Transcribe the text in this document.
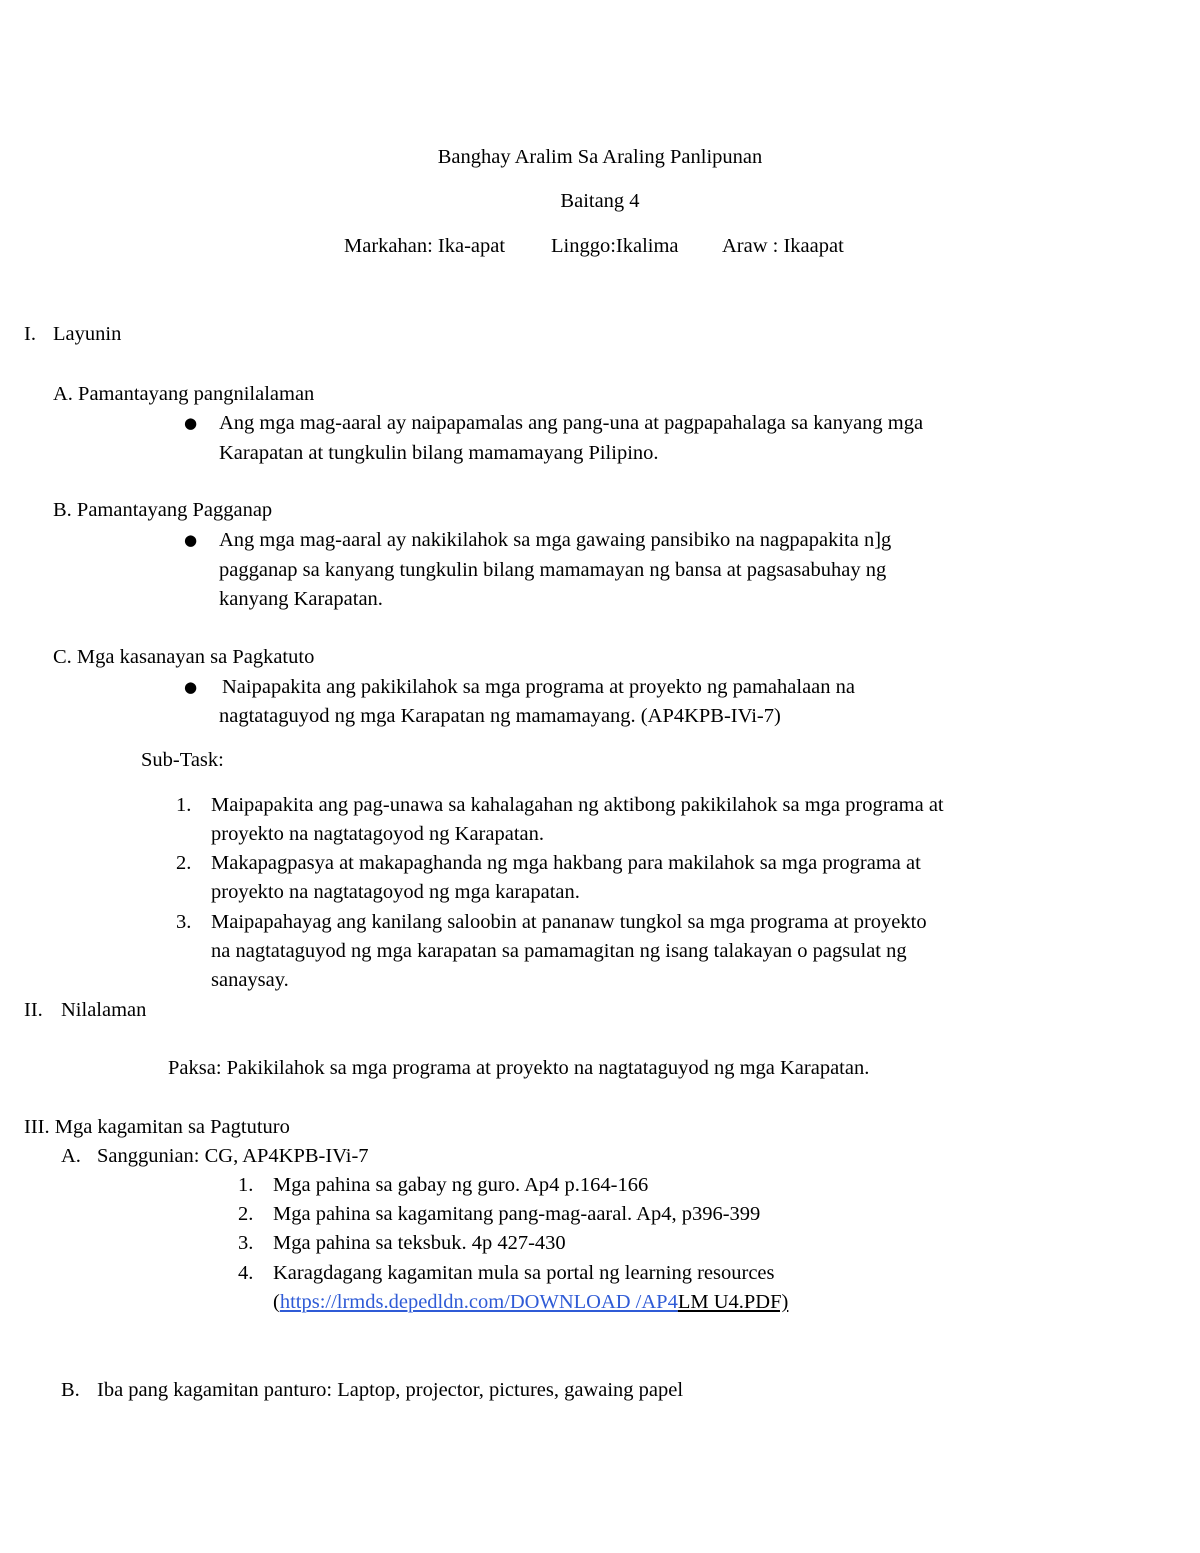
Banghay Aralim Sa Araling Panlipunan
Baitang 4
Markahan: Ika-apat Linggo:Ikalima Araw : Ikaapat
I. Layunin
A. Pamantayang pangnilalaman
● Ang mga mag-aaral ay naipapamalas ang pang-una at pagpapahalaga sa kanyang mga
Karapatan at tungkulin bilang mamamayang Pilipino.
B. Pamantayang Pagganap
● Ang mga mag-aaral ay nakikilahok sa mga gawaing pansibiko na nagpapakita n]g
pagganap sa kanyang tungkulin bilang mamamayan ng bansa at pagsasabuhay ng
kanyang Karapatan.
C. Mga kasanayan sa Pagkatuto
● Naipapakita ang pakikilahok sa mga programa at proyekto ng pamahalaan na
nagtataguyod ng mga Karapatan ng mamamayang. (AP4KPB-IVi-7)
Sub-Task:
1. Maipapakita ang pag-unawa sa kahalagahan ng aktibong pakikilahok sa mga programa at
proyekto na nagtatagoyod ng Karapatan.
2. Makapagpasya at makapaghanda ng mga hakbang para makilahok sa mga programa at
proyekto na nagtatagoyod ng mga karapatan.
3. Maipapahayag ang kanilang saloobin at pananaw tungkol sa mga programa at proyekto
na nagtataguyod ng mga karapatan sa pamamagitan ng isang talakayan o pagsulat ng
sanaysay.
II. Nilalaman
Paksa: Pakikilahok sa mga programa at proyekto na nagtataguyod ng mga Karapatan.
III. Mga kagamitan sa Pagtuturo
A. Sanggunian: CG, AP4KPB-IVi-7
1. Mga pahina sa gabay ng guro. Ap4 p.164-166
2. Mga pahina sa kagamitang pang-mag-aaral. Ap4, p396-399
3. Mga pahina sa teksbuk. 4p 427-430
4. Karagdagang kagamitan mula sa portal ng learning resources
(https://lrmds.depedldn.com/DOWNLOAD /AP4LM U4.PDF)
B. Iba pang kagamitan panturo: Laptop, projector, pictures, gawaing papel
